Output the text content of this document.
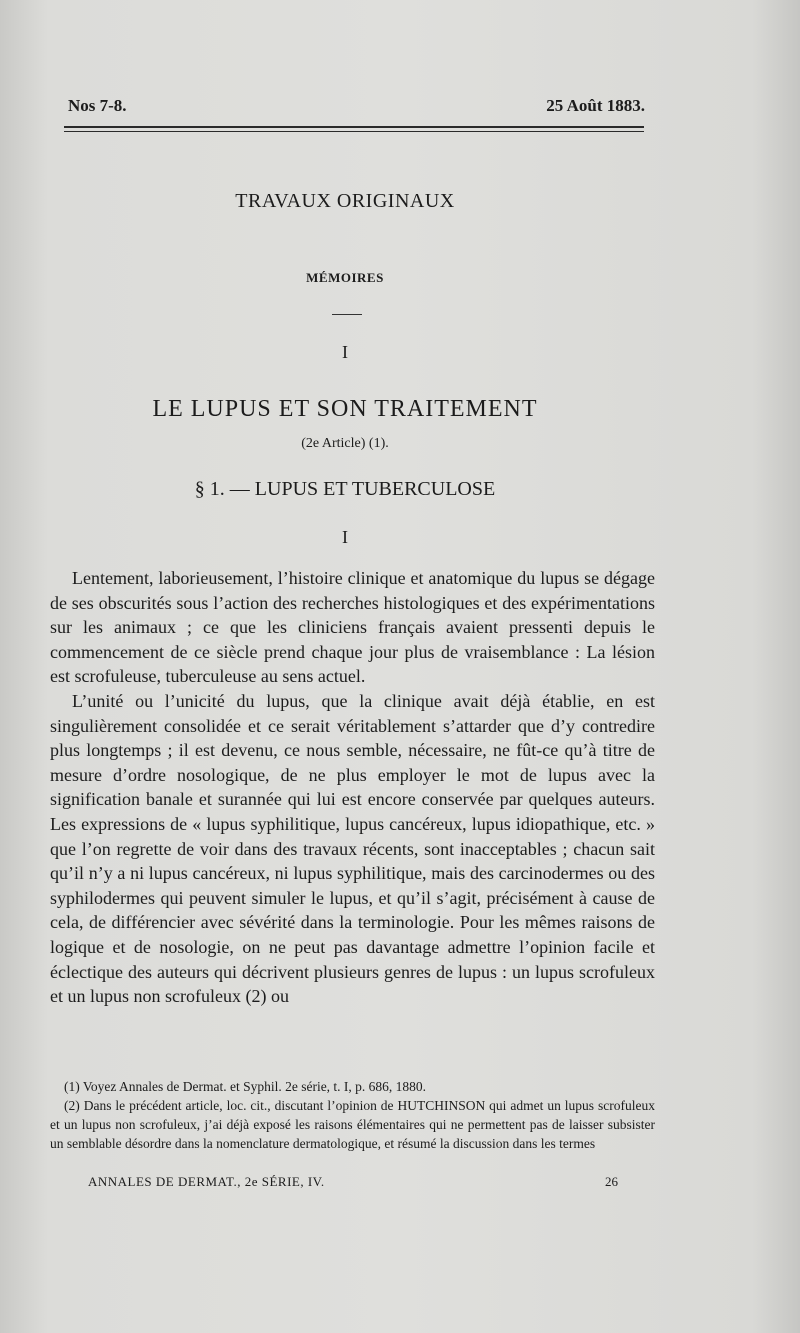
Nos 7-8.	25 Août 1883.
TRAVAUX ORIGINAUX
MÉMOIRES
I
LE LUPUS ET SON TRAITEMENT
(2e Article) (1).
§ 1. — LUPUS ET TUBERCULOSE
I

Lentement, laborieusement, l’histoire clinique et anatomique du lupus se dégage de ses obscurités sous l’action des recherches histologiques et des expérimentations sur les animaux ; ce que les cliniciens français avaient pressenti depuis le commencement de ce siècle prend chaque jour plus de vraisemblance : La lésion est scrofuleuse, tuberculeuse au sens actuel.

L’unité ou l’unicité du lupus, que la clinique avait déjà établie, en est singulièrement consolidée et ce serait véritablement s’attarder que d’y contredire plus longtemps ; il est devenu, ce nous semble, nécessaire, ne fût-ce qu’à titre de mesure d’ordre nosologique, de ne plus employer le mot de lupus avec la signification banale et surannée qui lui est encore conservée par quelques auteurs. Les expressions de « lupus syphilitique, lupus cancéreux, lupus idiopathique, etc. » que l’on regrette de voir dans des travaux récents, sont inacceptables ; chacun sait qu’il n’y a ni lupus cancéreux, ni lupus syphilitique, mais des carcinodermes ou des syphilodermes qui peuvent simuler le lupus, et qu’il s’agit, précisément à cause de cela, de différencier avec sévérité dans la terminologie. Pour les mêmes raisons de logique et de nosologie, on ne peut pas davantage admettre l’opinion facile et éclectique des auteurs qui décrivent plusieurs genres de lupus : un lupus scrofuleux et un lupus non scrofuleux (2) ou

(1) Voyez Annales de Dermat. et Syphil. 2e série, t. I, p. 686, 1880.

(2) Dans le précédent article, loc. cit., discutant l’opinion de HUTCHINSON qui admet un lupus scrofuleux et un lupus non scrofuleux, j’ai déjà exposé les raisons élémentaires qui ne permettent pas de laisser subsister un semblable désordre dans la nomenclature dermatologique, et résumé la discussion dans les termes

ANNALES DE DERMAT., 2e SÉRIE, IV.	26
